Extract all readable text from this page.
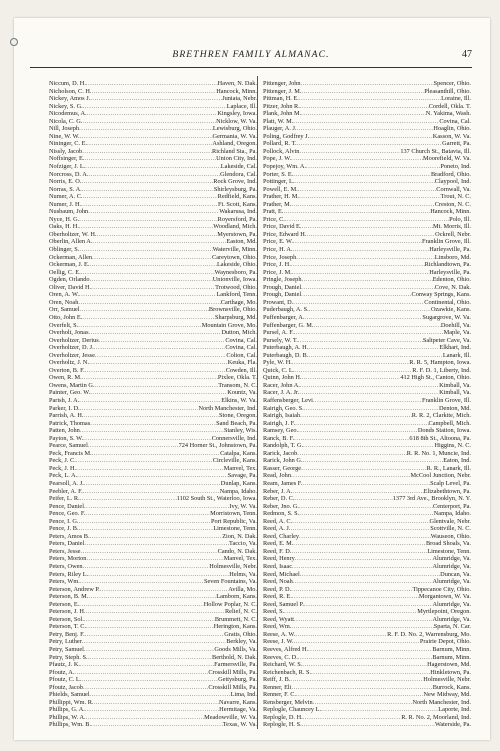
BRETHREN FAMILY ALMANAC.	47
Niccum, D. H. .....	Haven, N. Dak.
Nicholson, C. H. .....	Hancock, Minn.
Nickey, Amos J. .....	Juniata, Nebr.
Nickey, S. G. .....	Laplace, Ill.
Nicodemus, A. .....	Kingsley, Iowa.
Nicola, C. G. .....	Nicklow, W. Va.
Nill, Joseph .....	Lewisburg, Ohio.
Nine, W. W. .....	Germania, W. Va.
Nininger, C. E. .....	Ashland, Oregon.
Nissly, Jacob .....	Richland Sta., Pa.
Noffsinger, E. .....	Union City, Ind.
Nofziger, J. L. .....	Lakeside, Cal.
Norcross, D. A. .....	Glendora, Cal.
Norris, E. O. .....	Rock Grove, Ind.
Norras, S. A. .....	Shirleysburg, Pa.
Numer, A. C. .....	Redfield, Kans.
Numer, J. H. .....	Ft. Scott, Kans.
Nusbaum, John .....	Wakarusa, Ind.
Nyce, H. G. .....	Royersford, Pa.
Oaks, H. H. .....	Woodland, Mich.
Oberholtzer, W. H. .....	Myerstown, Pa.
Oberlin, Allen A. .....	Easton, Md.
Oblinger, S. .....	Waterville, Minn.
Ockerman, Allen .....	Careytown, Ohio.
Ockerman, J. E. .....	Lakeside, Ohio.
Oellig, C. E. .....	Waynesboro, Pa.
Ogden, Orlando .....	Unionville, Iowa.
Oliver, David H. .....	Trotwood, Ohio.
Oren, A. W. .....	Lankford, Tenn.
Oren, Noah .....	Carthage, Mo.
Orr, Samuel .....	Brownsville, Ohio.
Otto, John E. .....	Sharpsburg, Md.
Overfelt, S. .....	Mountain Grove, Mo.
Overholt, Jonas .....	Dutton, Mich.
Overholtzer, Derius .....	Covina, Cal.
Overholtzer, D. J. .....	Covina, Cal.
Overholtzer, Jesse .....	Colton, Cal.
Overholtz, J. N. .....	Keuka, Fla.
Overton, B. F. .....	Cowden, Ill.
Owen, R. M. .....	Pixlee, Okla. T.
Owens, Martin G. .....	Transom, N. C.
Painter, Geo. W. .....	Kountz, Va.
Parish, J. A. .....	Elkins, W. Va.
Parker, I. D. .....	North Manchester, Ind.
Parrish, A. H. .....	Stone, Oregon.
Patrick, Thomas .....	Sand Beach, Pa.
Patten, John .....	Stanley, Wis.
Payton, S. W. .....	Connersville, Ind.
Pearce, Samuel .....	724 Horner St., Johnstown, Pa.
Peck, Francis M. .....	Catalpa, Kans.
Peck, J. C. .....	Circleville, Kans.
Peck, J. H. .....	Manvel, Tex.
Peck, L. A. .....	Savage, Pa.
Pearsoll, A. J. .....	Dunlap, Kans.
Peebler, A. F. .....	Nampa, Idaho.
Peifer, L. R. .....	1102 South St., Waterloo, Iowa.
Pence, Daniel .....	Ivy, W. Va.
Pence, Geo. F. .....	Morristown, Tenn.
Pence, I. G. .....	Port Republic, Va.
Pence, J. B. .....	Limestone, Tenn.
Peters, Amos B. .....	Zion, N. Dak.
Peters, Daniel .....	Taccio, Va.
Peters, Jesse .....	Cando, N. Dak.
Peters, Morton .....	Manvel, Tex.
Peters, Owen .....	Holmesville, Nebr.
Peters, Riley L. .....	Helms, Va.
Peters, Wm. .....	Seven Fountains, Va.
Peterson, Andrew P. .....	Avilla, Mo.
Peterson, B. M. .....	Lamborn, Kans.
Peterson, E. .....	Hollow Poplar, N. C.
Peterson, J. H. .....	Relief, N. C.
Peterson, Sol. .....	Brummett, N. C.
Peterson, T. C. .....	Herington, Kans.
Petry, Benj. F. .....	Gratis, Ohio.
Petry, Luther .....	Berkley, Va.
Petry, Samuel .....	Goods Mills, Va.
Petry, Steph. S. .....	Berthold, N. Dak.
Pfautz, J. K. .....	Farmersville, Pa.
Pfoutz, A. .....	Crosskill Mills, Pa.
Pfoutz, C. L. .....	Gettysburg, Pa.
Pfoutz, Jacob .....	Crosskill Mills, Pa.
Phields, Samuel .....	Lima, Ind.
Phillippi, Wm. R. .....	Navarre, Kans.
Phillips, G. A. .....	Hermitage, Va.
Phillips, W. A. .....	Meadowville, W. Va.
Phillips, Wm. B. .....	Texas, W. Va.
Pittenger, John .....	Spencer, Ohio.
Pittenger, J. M. .....	Pleasanthill, Ohio.
Pittman, H. E. .....	Loraine, Ill.
Pitzer, John R. .....	Cordell, Okla. T.
Plank, John M. .....	N. Yakima, Wash.
Platt, W. M. .....	Covina, Cal.
Plauger, A. J. .....	Hoaglin, Ohio.
Poling, Godfrey J. .....	Kasson, W. Va.
Pollard, R. T. .....	Garrett, Pa.
Pollock, Alvin .....	137 Church St., Batavia, Ill.
Pope, J. W. .....	Moorefield, W. Va.
Popejoy, Wm. A. .....	Poneto, Ind.
Porter, S. E. .....	Bradford, Ohio.
Pottinger, L. .....	Claypool, Ind.
Powell, E. M. .....	Cornwall, Va.
Prather, H. M. .....	Trout, N. C.
Prather, M. .....	Creston, N. C.
Pratt, E. .....	Hancock, Minn.
Price, C. .....	Polo, Ill.
Price, David E. .....	Mt. Morris, Ill.
Price, Edward H. .....	Ockrell, Nebr.
Price, E. W. .....	Franklin Grove, Ill.
Price, H. A. .....	Harleysville, Pa.
Price, Joseph .....	Linsboro, Md.
Price, J. H. .....	Richlandtown, Pa.
Price, J. M. .....	Harleysville, Pa.
Pringle, Joseph .....	Edenton, Ohio.
Prough, Daniel .....	Cove, N. Dak.
Prough, Daniel .....	Conway Springs, Kans.
Prowant, D. .....	Continental, Ohio.
Puderbaugh, A. S. .....	Ozawkie, Kans.
Puffenbarger, A. .....	Sugargrove, W. Va.
Puffenbarger, G. M. .....	Doehill, Va.
Pursel, A. F. .....	Maple, Va.
Pursely, W. T. .....	Saltpeter Cave, Va.
Puterbaugh, A. H. .....	Elkhart, Ind.
Puterbaugh, D. B. .....	Lanark, Ill.
Pyle, W. H. .....	R. R. 5, Hampton, Iowa.
Quick, C. L. .....	R. F. D. 1, Liberty, Ind.
Quinn, John H. .....	412 High St., Canton, Ohio.
Racer, John A. .....	Kimball, Va.
Racer, J. A. Jr. .....	Kimball, Va.
Raffensberger, Levi .....	Franklin Grove, Ill.
Rairigh, Geo. S. .....	Denton, Md.
Rairigh, Isaiah .....	R. R. 2, Clarkite, Mich.
Rairigh, J. F. .....	Campbell, Mich.
Ramsey, Geo. .....	Donds Station, Iowa.
Ranck, B. F. .....	618 8th St., Altoona, Pa.
Randolph, T. G. .....	Higgins, N. C.
Rarick, Jacob .....	R. R. No. 1, Muncie, Ind.
Rarick, John G. .....	Eaton, Ind.
Rasser, George .....	R. R., Lanark, Ill.
Read, John .....	McCool Junction, Nebr.
Ream, James F. .....	Scalp Level, Pa.
Reber, J. A. .....	Elizabethtown, Pa.
Reber, D. C. .....	1377 3rd Ave., Brooklyn, N. Y.
Reber, Jno. G. .....	Centerport, Pa.
Redmon, S. S. .....	Nampa, Idaho.
Reed, A. C. .....	Glentvale, Nebr.
Reed, A. J. .....	Scottville, N. C.
Reed, Charley .....	Wauseon, Ohio.
Reed, E. M. .....	Broad Shoals, Va.
Reed, F. D. .....	Limestone, Tenn.
Reed, Henry .....	Alumridge, Va.
Reed, Isaac .....	Alumridge, Va.
Reed, Michael .....	Duncan, Va.
Reed, Noah .....	Alumridge, Va.
Reed, P. D. .....	Tippecanoe City, Ohio.
Reed, R. E. .....	Morgantown, W. Va.
Reed, Samuel P. .....	Alumridge, Va.
Reed, S. .....	Myrtlepoint, Oregon.
Reed, Wyatt .....	Alumridge, Va.
Reed, Wm. .....	Sparta, N. Car.
Reese, A. W. .....	R. F. D. No. 2, Warrensburg, Mo.
Reese, J. W. .....	Prairie Depot, Ohio.
Reeves, Alfred H. .....	Barnum, Minn.
Reeves, C. D. .....	Barnum, Minn.
Reichard, W. S. .....	Hagerstown, Md.
Reichenbach, R. S. .....	Hinkletown, Pa.
Reiff, J. B. .....	Holmesville, Nebr.
Renner, Eli .....	Burrock, Kans.
Renner, F. C. .....	New Midway, Md.
Rensberger, Melvin .....	North Manchester, Ind.
Replogle, Chauncey L. .....	Laporte, Ind.
Replogle, D. H. .....	R. R. No. 2, Moorland, Ind.
Replogle, H. S. .....	Waterside, Pa.
